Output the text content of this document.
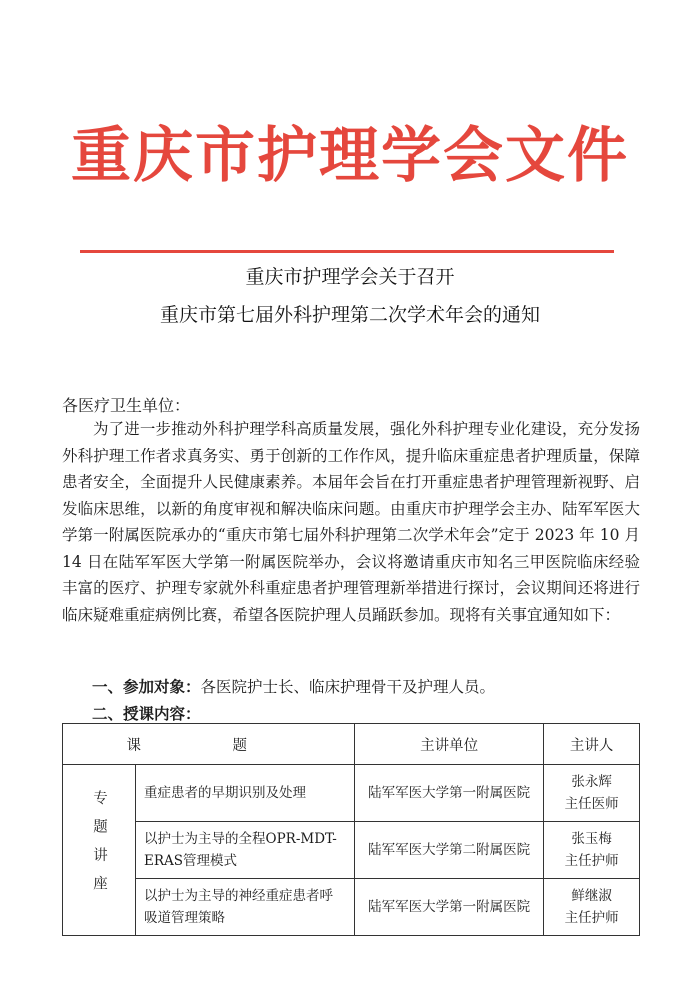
重庆市护理学会文件
重庆市护理学会关于召开
重庆市第七届外科护理第二次学术年会的通知
各医疗卫生单位：

为了进一步推动外科护理学科高质量发展，强化外科护理专业化建设，充分发扬外科护理工作者求真务实、勇于创新的工作作风，提升临床重症患者护理质量，保障患者安全，全面提升人民健康素养。本届年会旨在打开重症患者护理管理新视野、启发临床思维，以新的角度审视和解决临床问题。由重庆市护理学会主办、陆军军医大学第一附属医院承办的“重庆市第七届外科护理第二次学术年会”定于 2023 年 10 月 14 日在陆军军医大学第一附属医院举办，会议将邀请重庆市知名三甲医院临床经验丰富的医疗、护理专家就外科重症患者护理管理新举措进行探讨，会议期间还将进行临床疑难重症病例比赛，希望各医院护理人员踊跃参加。现将有关事宜通知如下：

一、参加对象：各医院护士长、临床护理骨干及护理人员。
二、授课内容：
课 题		主讲单位	主讲人
专题讲座	重症患者的早期识别及处理	陆军军医大学第一附属医院	张永辉
主任医师

	以护士为主导的全程OPR-MDT-ERAS管理模式	陆军军医大学第二附属医院	张玉梅
主任护师

	以护士为主导的神经重症患者呼吸道管理策略	陆军军医大学第一附属医院	鲜继淑
主任护师
